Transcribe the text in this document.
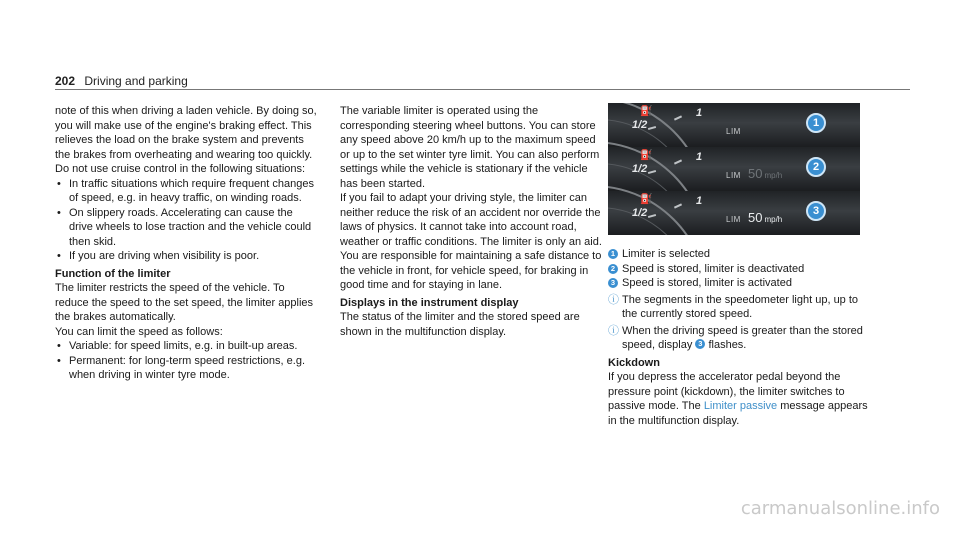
202 Driving and parking

note of this when driving a laden vehicle. By doing so, you will make use of the engine's braking effect. This relieves the load on the brake system and prevents the brakes from overheating and wearing too quickly.

Do not use cruise control in the following situations:

• In traffic situations which require frequent changes of speed, e.g. in heavy traffic, on winding roads.
• On slippery roads. Accelerating can cause the drive wheels to lose traction and the vehicle could then skid.
• If you are driving when visibility is poor.

Function of the limiter

The limiter restricts the speed of the vehicle. To reduce the speed to the set speed, the limiter applies the brakes automatically.

You can limit the speed as follows:

• Variable: for speed limits, e.g. in built-up areas.
• Permanent: for long-term speed restrictions, e.g. when driving in winter tyre mode.

The variable limiter is operated using the corresponding steering wheel buttons. You can store any speed above 20 km/h up to the maximum speed or up to the set winter tyre limit. You can also perform settings while the vehicle is stationary if the vehicle has been started.

If you fail to adapt your driving style, the limiter can neither reduce the risk of an accident nor override the laws of physics. It cannot take into account road, weather or traffic conditions. The limiter is only an aid. You are responsible for maintaining a safe distance to the vehicle in front, for vehicle speed, for braking in good time and for staying in lane.

Displays in the instrument display

The status of the limiter and the stored speed are shown in the multifunction display.

⛽
1/2
1
LIM
1
⛽
1/2
1
LIM 50 mp/h
2
⛽
1/2
1
LIM 50 mp/h
3
1 Limiter is selected
2 Speed is stored, limiter is deactivated
3 Speed is stored, limiter is activated
ⓘ The segments in the speedometer light up, up to the currently stored speed.
ⓘ When the driving speed is greater than the stored speed, display 3 flashes.

Kickdown

If you depress the accelerator pedal beyond the pressure point (kickdown), the limiter switches to passive mode. The Limiter passive message appears in the multifunction display.

carmanualsonline.info
